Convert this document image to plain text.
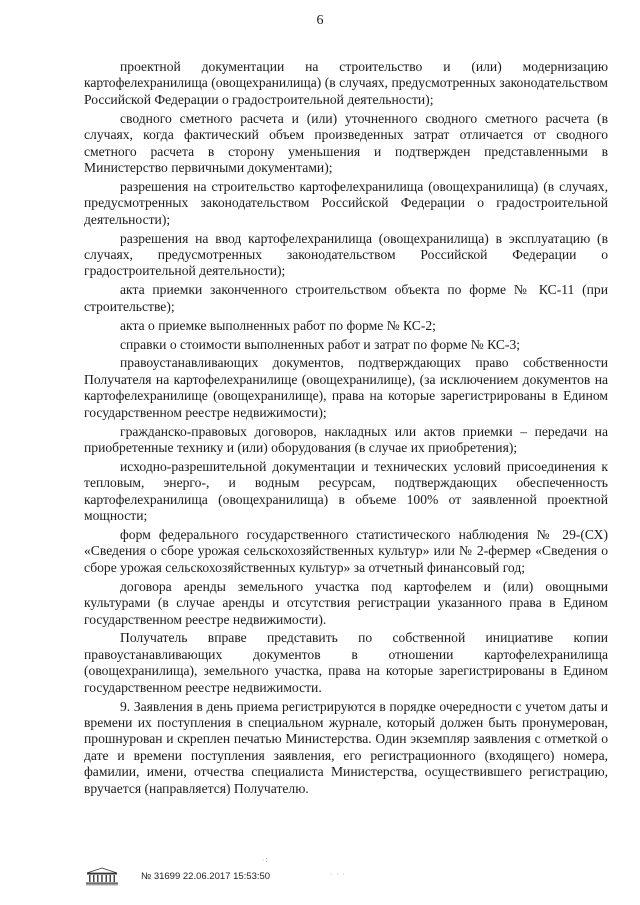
6

проектной документации на строительство и (или) модернизацию картофелехранилища (овощехранилища) (в случаях, предусмотренных законодательством Российской Федерации о градостроительной деятельности);

сводного сметного расчета и (или) уточненного сводного сметного расчета (в случаях, когда фактический объем произведенных затрат отличается от сводного сметного расчета в сторону уменьшения и подтвержден представленными в Министерство первичными документами);

разрешения на строительство картофелехранилища (овощехранилища) (в случаях, предусмотренных законодательством Российской Федерации о градостроительной деятельности);

разрешения на ввод картофелехранилища (овощехранилища) в эксплуатацию (в случаях, предусмотренных законодательством Российской Федерации о градостроительной деятельности);

акта приемки законченного строительством объекта по форме № КС-11 (при строительстве);

акта о приемке выполненных работ по форме № КС-2;

справки о стоимости выполненных работ и затрат по форме № КС-3;

правоустанавливающих документов, подтверждающих право собственности Получателя на картофелехранилище (овощехранилище), (за исключением документов на картофелехранилище (овощехранилище), права на которые зарегистрированы в Едином государственном реестре недвижимости);

гражданско-правовых договоров, накладных или актов приемки – передачи на приобретенные технику и (или) оборудования (в случае их приобретения);

исходно-разрешительной документации и технических условий присоединения к тепловым, энерго-, и водным ресурсам, подтверждающих обеспеченность картофелехранилища (овощехранилища) в объеме 100% от заявленной проектной мощности;

форм федерального государственного статистического наблюдения № 29-(СХ) «Сведения о сборе урожая сельскохозяйственных культур» или № 2-фермер «Сведения о сборе урожая сельскохозяйственных культур» за отчетный финансовый год;

договора аренды земельного участка под картофелем и (или) овощными культурами (в случае аренды и отсутствия регистрации указанного права в Едином государственном реестре недвижимости).

Получатель вправе представить по собственной инициативе копии правоустанавливающих документов в отношении картофелехранилища (овощехранилища), земельного участка, права на которые зарегистрированы в Едином государственном реестре недвижимости.

9. Заявления в день приема регистрируются в порядке очередности с учетом даты и времени их поступления в специальном журнале, который должен быть пронумерован, прошнурован и скреплен печатью Министерства. Один экземпляр заявления с отметкой о дате и времени поступления заявления, его регистрационного (входящего) номера, фамилии, имени, отчества специалиста Министерства, осуществившего регистрацию, вручается (направляется) Получателю.

№ 31699 22.06.2017 15:53:50
·:
· · ·
